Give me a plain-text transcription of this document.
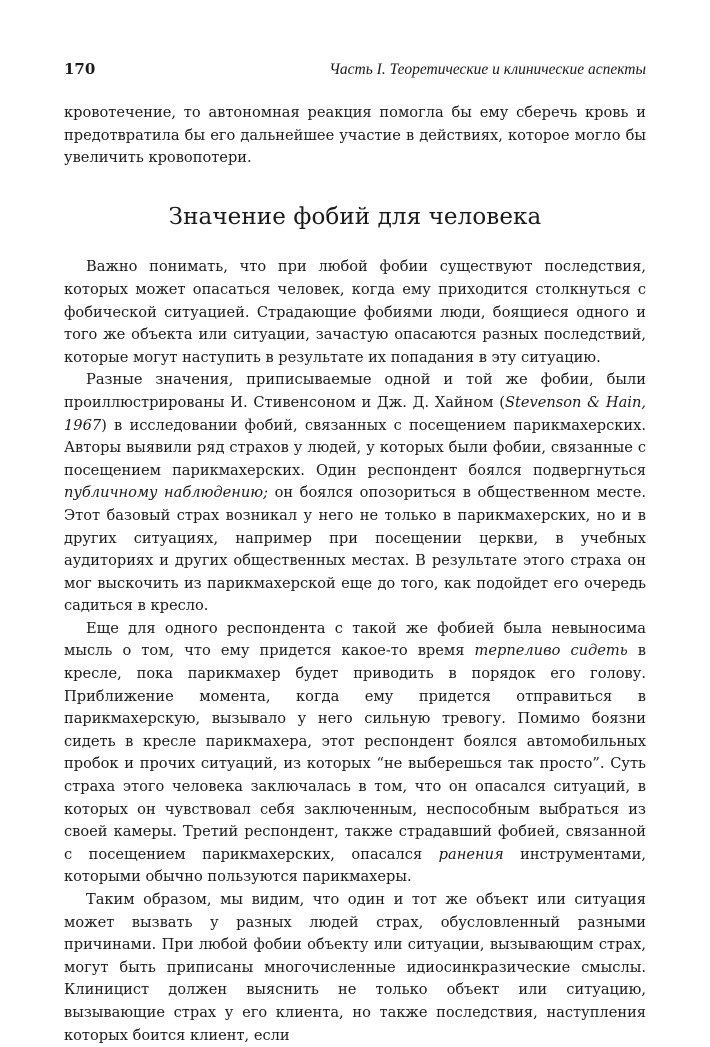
170	Часть I. Теоретические и клинические аспекты

кровотечение, то автономная реакция помогла бы ему сберечь кровь и предотвратила бы его дальнейшее участие в действиях, которое могло бы увеличить кровопотери.

Значение фобий для человека

Важно понимать, что при любой фобии существуют последствия, которых может опасаться человек, когда ему приходится столкнуться с фобической ситуацией. Страдающие фобиями люди, боящиеся одного и того же объекта или ситуации, зачастую опасаются разных последствий, которые могут наступить в результате их попадания в эту ситуацию.

Разные значения, приписываемые одной и той же фобии, были проиллюстрированы И. Стивенсоном и Дж. Д. Хайном (Stevenson & Hain, 1967) в исследовании фобий, связанных с посещением парикмахерских. Авторы выявили ряд страхов у людей, у которых были фобии, связанные с посещением парикмахерских. Один респондент боялся подвергнуться публичному наблюдению; он боялся опозориться в общественном месте. Этот базовый страх возникал у него не только в парикмахерских, но и в других ситуациях, например при посещении церкви, в учебных аудиториях и других общественных местах. В результате этого страха он мог выскочить из парикмахерской еще до того, как подойдет его очередь садиться в кресло.

Еще для одного респондента с такой же фобией была невыносима мысль о том, что ему придется какое-то время терпеливо сидеть в кресле, пока парикмахер будет приводить в порядок его голову. Приближение момента, когда ему придется отправиться в парикмахерскую, вызывало у него сильную тревогу. Помимо боязни сидеть в кресле парикмахера, этот респондент боялся автомобильных пробок и прочих ситуаций, из которых “не выберешься так просто”. Суть страха этого человека заключалась в том, что он опасался ситуаций, в которых он чувствовал себя заключенным, неспособным выбраться из своей камеры. Третий респондент, также страдавший фобией, связанной с посещением парикмахерских, опасался ранения инструментами, которыми обычно пользуются парикмахеры.

Таким образом, мы видим, что один и тот же объект или ситуация может вызвать у разных людей страх, обусловленный разными причинами. При любой фобии объекту или ситуации, вызывающим страх, могут быть приписаны многочисленные идиосинкразические смыслы. Клиницист должен выяснить не только объект или ситуацию, вызывающие страх у его клиента, но также последствия, наступления которых боится клиент, если
